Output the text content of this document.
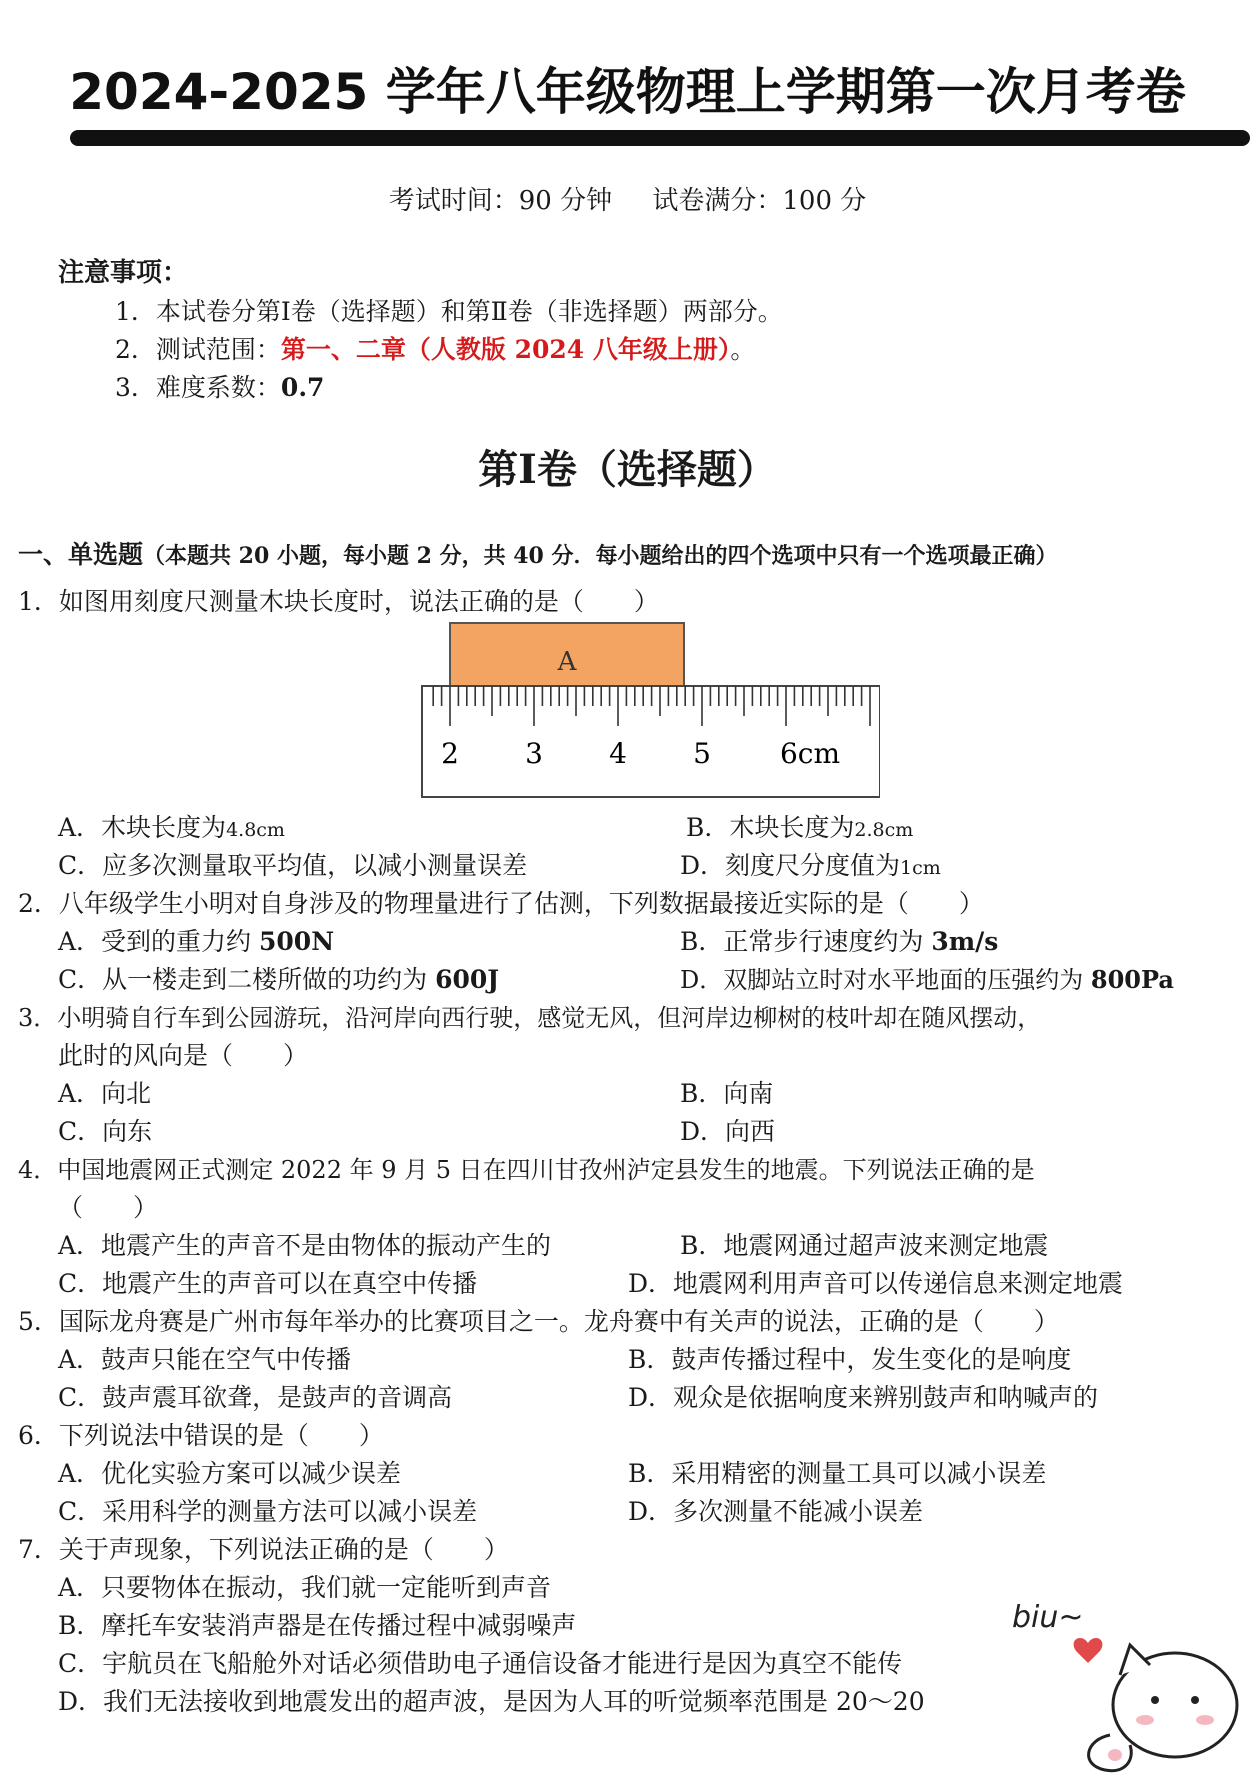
2024-2025 学年八年级物理上学期第一次月考卷
考试时间：90 分钟 试卷满分：100 分
注意事项：
1．本试卷分第Ⅰ卷（选择题）和第Ⅱ卷（非选择题）两部分。
2．测试范围：第一、二章（人教版 2024 八年级上册）。
3．难度系数：0.7
第Ⅰ卷（选择题）
一、单选题（本题共 20 小题，每小题 2 分，共 40 分．每小题给出的四个选项中只有一个选项最正确）
1．如图用刻度尺测量木块长度时，说法正确的是（　　）
A
2 3 4 5 6cm
A．木块长度为4.8cm	B．木块长度为2.8cm
C．应多次测量取平均值，以减小测量误差	D．刻度尺分度值为1cm
2．八年级学生小明对自身涉及的物理量进行了估测，下列数据最接近实际的是（　　）
A．受到的重力约 500N	B．正常步行速度约为 3m/s
C．从一楼走到二楼所做的功约为 600J	D．双脚站立时对水平地面的压强约为 800Pa
3．小明骑自行车到公园游玩，沿河岸向西行驶，感觉无风，但河岸边柳树的枝叶却在随风摆动，
此时的风向是（　　）
A．向北	B．向南
C．向东	D．向西
4．中国地震网正式测定 2022 年 9 月 5 日在四川甘孜州泸定县发生的地震。下列说法正确的是
（　　）
A．地震产生的声音不是由物体的振动产生的	B．地震网通过超声波来测定地震
C．地震产生的声音可以在真空中传播	D．地震网利用声音可以传递信息来测定地震
5．国际龙舟赛是广州市每年举办的比赛项目之一。龙舟赛中有关声的说法，正确的是（　　）
A．鼓声只能在空气中传播	B．鼓声传播过程中，发生变化的是响度
C．鼓声震耳欲聋，是鼓声的音调高	D．观众是依据响度来辨别鼓声和呐喊声的
6．下列说法中错误的是（　　）
A．优化实验方案可以减少误差	B．采用精密的测量工具可以减小误差
C．采用科学的测量方法可以减小误差	D．多次测量不能减小误差
7．关于声现象，下列说法正确的是（　　）
A．只要物体在振动，我们就一定能听到声音
B．摩托车安装消声器是在传播过程中减弱噪声
C．宇航员在飞船舱外对话必须借助电子通信设备才能进行是因为真空不能传
D．我们无法接收到地震发出的超声波，是因为人耳的听觉频率范围是 20～20
biu~
